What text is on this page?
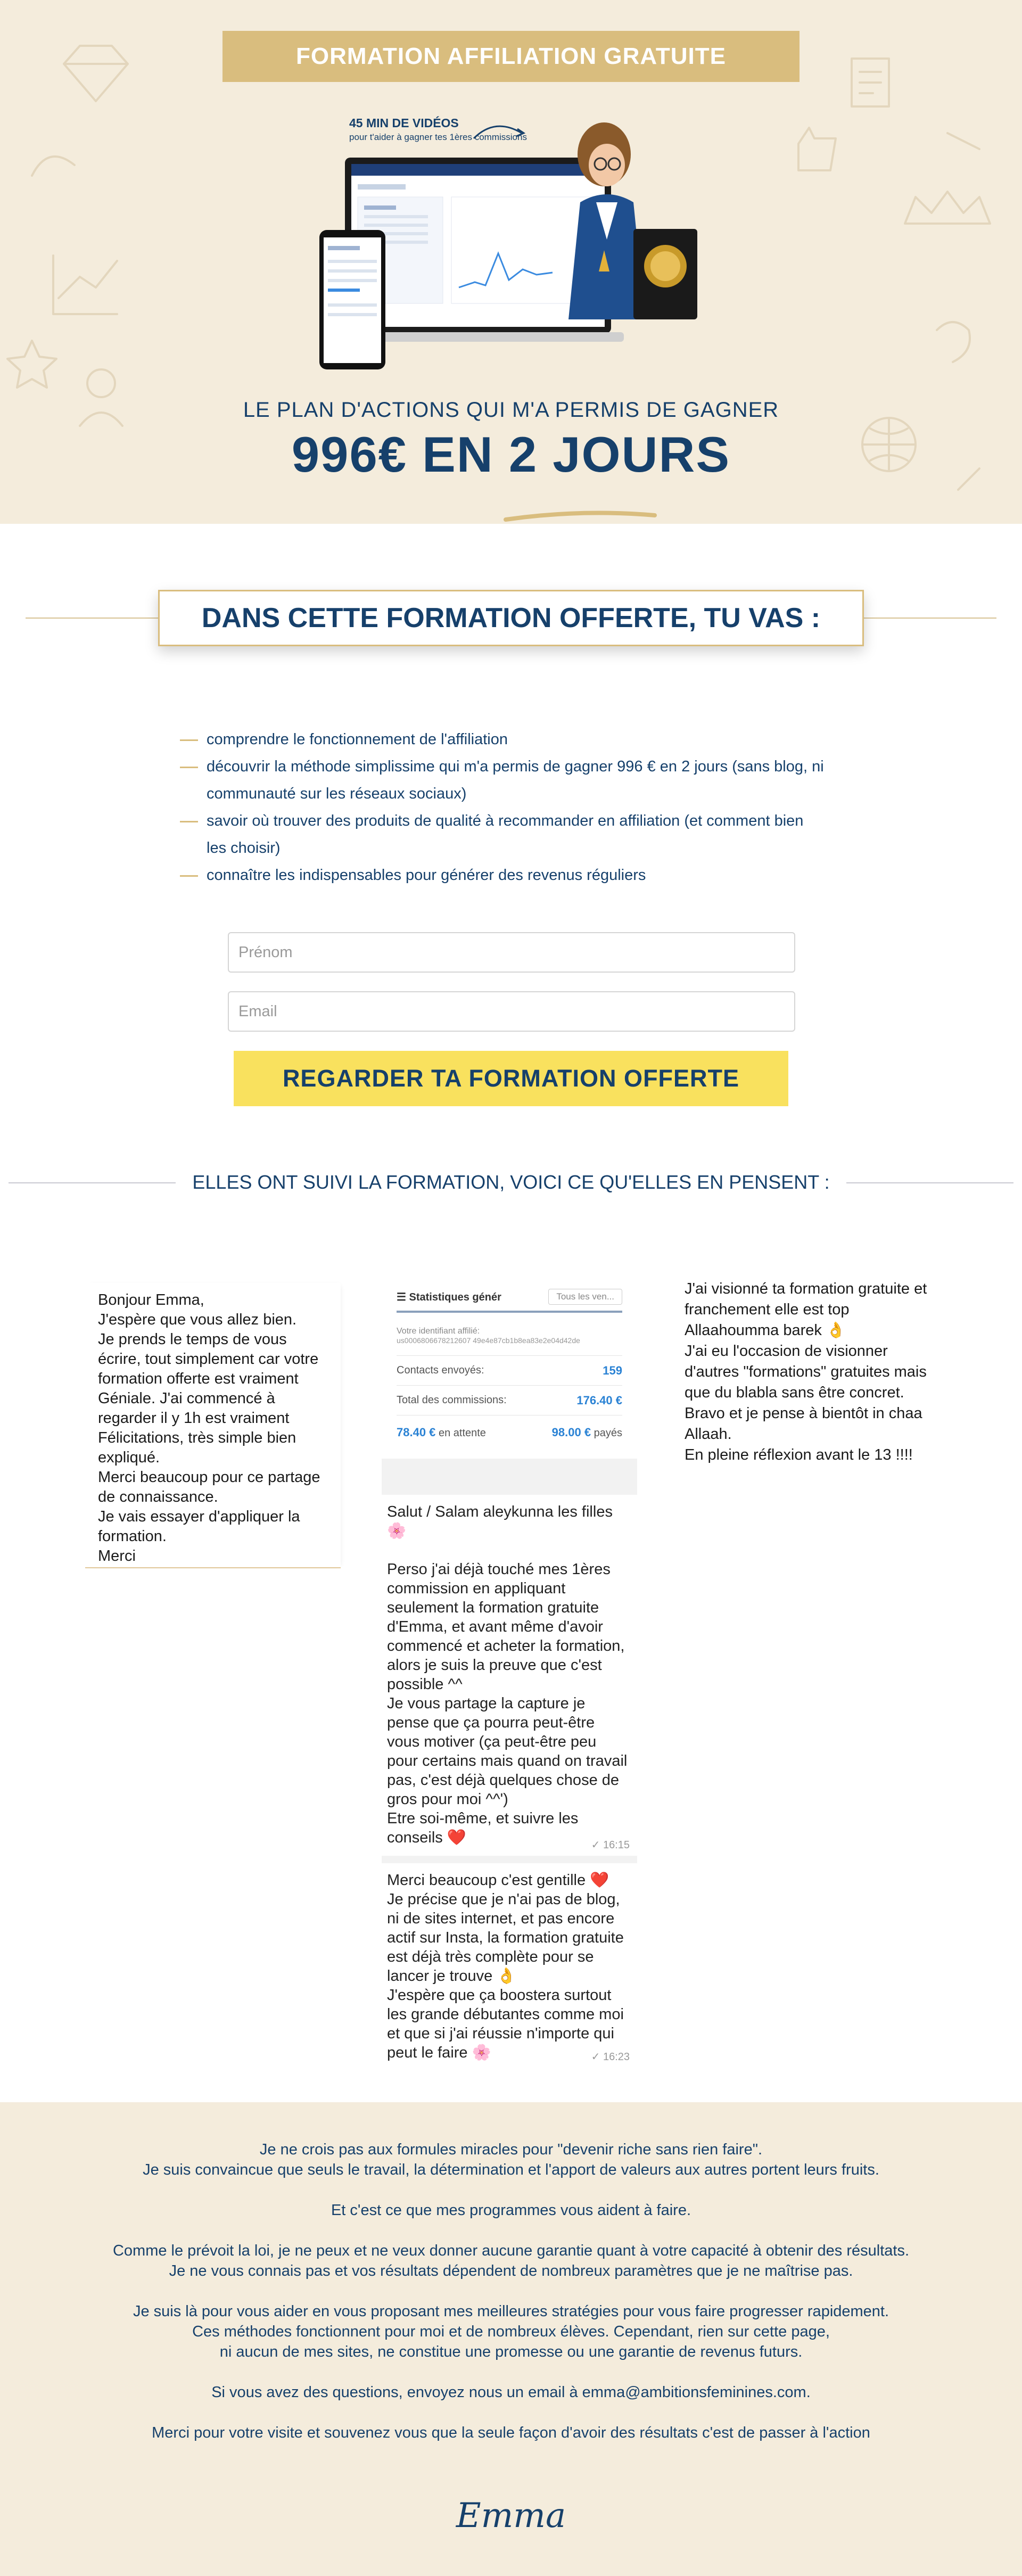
FORMATION AFFILIATION GRATUITE
45 MIN DE VIDÉOS
pour t'aider à gagner tes 1ères commissions
LE PLAN D'ACTIONS QUI M'A PERMIS DE GAGNER
996€ EN 2 JOURS
DANS CETTE FORMATION OFFERTE, TU VAS :
comprendre le fonctionnement de l'affiliation
découvrir la méthode simplissime qui m'a permis de gagner 996 € en 2 jours (sans blog, ni communauté sur les réseaux sociaux)
savoir où trouver des produits de qualité à recommander en affiliation (et comment bien les choisir)
connaître les indispensables pour générer des revenus réguliers
Prénom
Email
REGARDER TA FORMATION OFFERTE
ELLES ONT SUIVI LA FORMATION, VOICI CE QU'ELLES EN PENSENT :

Bonjour Emma,

J'espère que vous allez bien.

Je prends le temps de vous écrire, tout simplement car votre formation offerte est vraiment Géniale. J'ai commencé à regarder il y 1h est vraiment Félicitations, très simple bien expliqué.

Merci beaucoup pour ce partage de connaissance.

Je vais essayer d'appliquer la formation.

Merci

☰ Statistiques génér	Tous les ven...
Votre identifiant affilié:
us0006806678212607 49e4e87cb1b8ea83e2e04d42de
Contacts envoyés:	159
Total des commissions:	176.40 €
78.40 € en attente	98.00 € payés

Salut / Salam aleykunna les filles 🌸

Perso j'ai déjà touché mes 1ères commission en appliquant seulement la formation gratuite d'Emma, et avant même d'avoir commencé et acheter la formation, alors je suis la preuve que c'est possible ^^

Je vous partage la capture je pense que ça pourra peut-être vous motiver (ça peut-être peu pour certains mais quand on travail pas, c'est déjà quelques chose de gros pour moi ^^')

Etre soi-même, et suivre les conseils ❤️	✓ 16:15

Merci beaucoup c'est gentille ❤️

Je précise que je n'ai pas de blog, ni de sites internet, et pas encore actif sur Insta, la formation gratuite est déjà très complète pour se lancer je trouve 👌

J'espère que ça boostera surtout les grande débutantes comme moi et que si j'ai réussie n'importe qui peut le faire 🌸	✓ 16:23

J'ai visionné ta formation gratuite et franchement elle est top Allaahoumma barek 👌

J'ai eu l'occasion de visionner d'autres "formations" gratuites mais que du blabla sans être concret.

Bravo et je pense à bientôt in chaa Allaah.

En pleine réflexion avant le 13 !!!!

Je ne crois pas aux formules miracles pour "devenir riche sans rien faire".
Je suis convaincue que seuls le travail, la détermination et l'apport de valeurs aux autres portent leurs fruits.

Et c'est ce que mes programmes vous aident à faire.

Comme le prévoit la loi, je ne peux et ne veux donner aucune garantie quant à votre capacité à obtenir des résultats.
Je ne vous connais pas et vos résultats dépendent de nombreux paramètres que je ne maîtrise pas.

Je suis là pour vous aider en vous proposant mes meilleures stratégies pour vous faire progresser rapidement.
Ces méthodes fonctionnent pour moi et de nombreux élèves. Cependant, rien sur cette page,
ni aucun de mes sites, ne constitue une promesse ou une garantie de revenus futurs.

Si vous avez des questions, envoyez nous un email à emma@ambitionsfeminines.com.

Merci pour votre visite et souvenez vous que la seule façon d'avoir des résultats c'est de passer à l'action

Emma
